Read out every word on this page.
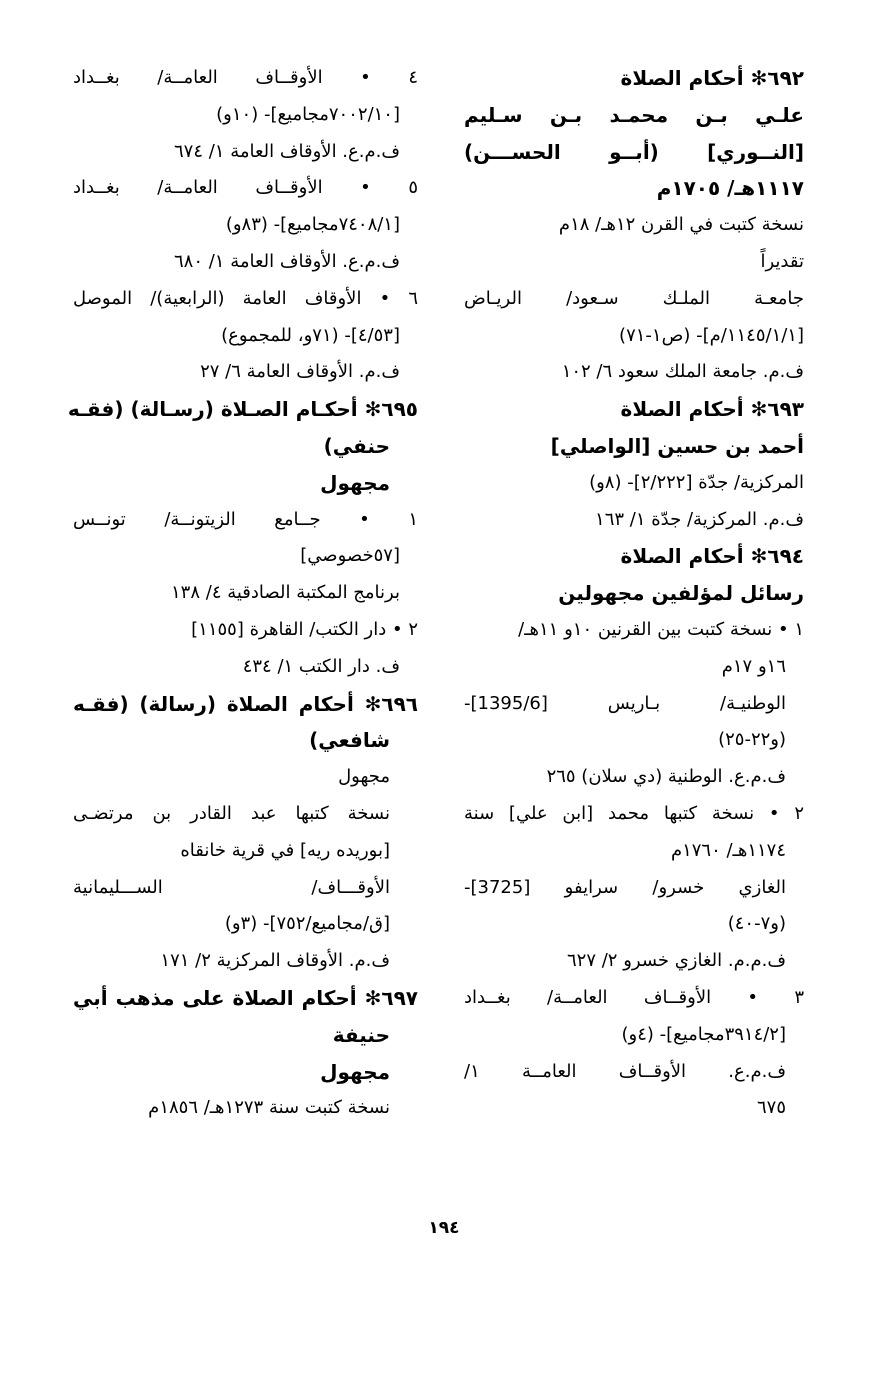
٦٩٢✻ أحكام الصلاة
علـي بـن محمـد بـن سـليم
[النــوري] (أبــو الحســـن)
١١١٧هـ/ ١٧٠٥م
نسخة كتبت في القرن ١٢هـ/ ١٨م
تقديراً
جامعـة الملـك سـعود/ الريـاض
[١١٤٥/١/١/م]- (ص١-٧١)
ف.م. جامعة الملك سعود ٦/ ١٠٢
٦٩٣✻ أحكام الصلاة
أحمد بن حسين [الواصلي]
المركزية/ جدّة [٢/٢٢٢]- (٨و)
ف.م. المركزية/ جدّة ١/ ١٦٣
٦٩٤✻ أحكام الصلاة
رسائل لمؤلفين مجهولين
١ • نسخة كتبت بين القرنين ١٠و ١١هـ/
١٦و ١٧م
الوطنيـة/ بـاريس [1395/6]-
(و٢٢-٢٥)
ف.م.ع. الوطنية (دي سلان) ٢٦٥
٢ • نسخة كتبها محمد [ابن علي] سنة
١١٧٤هـ/ ١٧٦٠م
الغازي خسرو/ سرايفو [3725]-
(و٧-٤٠)
ف.م.م. الغازي خسرو ٢/ ٦٢٧
٣ • الأوقــاف العامــة/ بغــداد
[٣٩١٤/٢مجاميع]- (٤و)
ف.م.ع. الأوقــاف العامــة ١/
٦٧٥
٤ • الأوقــاف العامــة/ بغــداد
[٧٠٠٢/١٠مجاميع]- (١٠و)
ف.م.ع. الأوقاف العامة ١/ ٦٧٤
٥ • الأوقــاف العامــة/ بغــداد
[٧٤٠٨/١مجاميع]- (٨٣و)
ف.م.ع. الأوقاف العامة ١/ ٦٨٠
٦ • الأوقاف العامة (الرابعية)/ الموصل
[٤/٥٣]- (٧١و، للمجموع)
ف.م. الأوقاف العامة ٦/ ٢٧
٦٩٥✻ أحكـام الصـلاة (رسـالة) (فقـه
حنفي)
مجهول
١ • جــامع الزيتونــة/ تونــس
[٥٧خصوصي]
برنامج المكتبة الصادقية ٤/ ١٣٨
٢ • دار الكتب/ القاهرة [١١٥٥]
ف. دار الكتب ١/ ٤٣٤
٦٩٦✻ أحكام الصلاة (رسالة) (فقـه
شافعي)
مجهول
نسخة كتبها عبد القادر بن مرتضـى
[بوريده ريه] في قرية خانقاه
الأوقـــاف/ الســـليمانية
[ق/مجاميع/٧٥٢]- (٣و)
ف.م. الأوقاف المركزية ٢/ ١٧١
٦٩٧✻ أحكام الصلاة على مذهب أبي
حنيفة
مجهول
نسخة كتبت سنة ١٢٧٣هـ/ ١٨٥٦م
١٩٤
